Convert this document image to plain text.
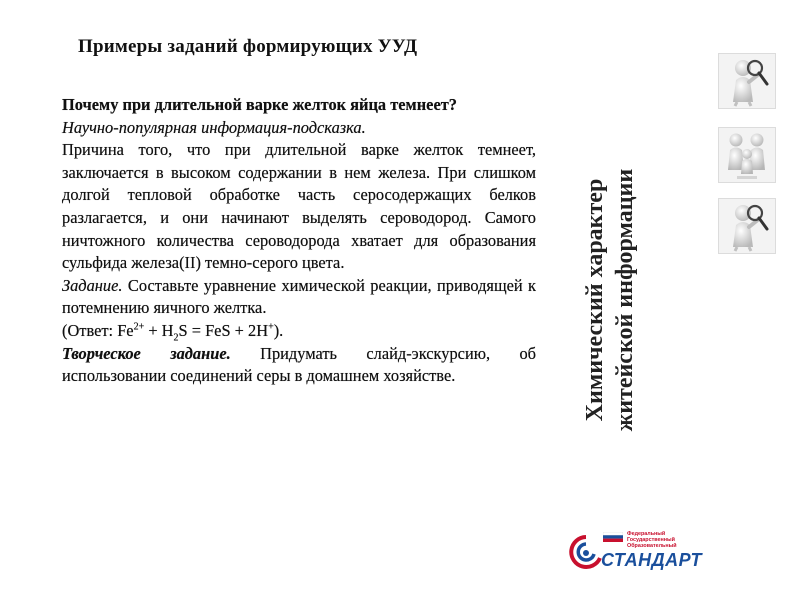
Примеры заданий формирующих УУД

Почему при длительной варке желток яйца темнеет?

Научно-популярная информация-подсказка.

Причина того, что при длительной варке желток темнеет, заключается в высоком содержании в нем железа. При слишком долгой тепловой обработке часть серосодержащих белков разлагается, и они начинают выделять сероводород. Самого ничтожного количества сероводорода хватает для образования сульфида железа(II) темно-серого цвета.

Задание. Составьте уравнение химической реакции, приводящей к потемнению яичного желтка.

(Ответ: $Fe^{2+} + H_2S$ = FeS + 2H+).

Творческое задание. Придумать слайд-экскурсию, об использовании соединений серы в домашнем хозяйстве.	Химический характер житейской информации
Федеральный
Государственный
Образовательный
СТАНДАРТ
